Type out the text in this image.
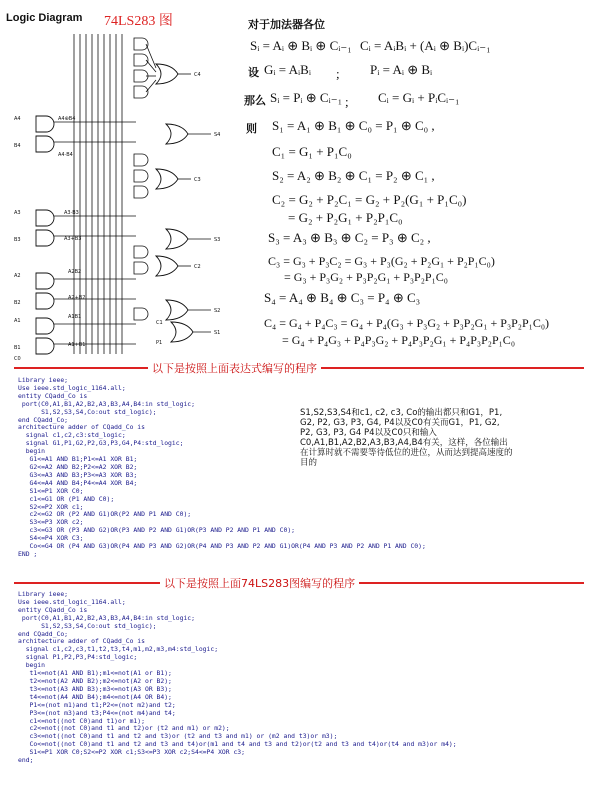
Logic Diagram 74LS283 图
A4
B4
A3
B3
A2
B2
A1
B1
A4⊕B4
A4·B4
A3·B3
A3+B3
A2B2
A2+B2
A1B1
A1+B1
C4
S4
C3
S3
C2
S2
C1
P1
S1
C0
对于加法器各位
Sᵢ = Aᵢ ⊕ Bᵢ ⊕ Cᵢ₋₁ Cᵢ = AᵢBᵢ + (Aᵢ ⊕ Bᵢ)Cᵢ₋₁
设 Gᵢ = AᵢBᵢ ; Pᵢ = Aᵢ ⊕ Bᵢ
那么 Sᵢ = Pᵢ ⊕ Cᵢ₋₁ ; Cᵢ = Gᵢ + PᵢCᵢ₋₁
则 S₁ = A₁ ⊕ B₁ ⊕ C₀ = P₁ ⊕ C₀ ,
C₁ = G₁ + P₁C₀
S₂ = A₂ ⊕ B₂ ⊕ C₁ = P₂ ⊕ C₁ ,
C₂ = G₂ + P₂C₁ = G₂ + P₂(G₁ + P₁C₀)
= G₂ + P₂G₁ + P₂P₁C₀
S₃ = A₃ ⊕ B₃ ⊕ C₂ = P₃ ⊕ C₂ ,
C₃ = G₃ + P₃C₂ = G₃ + P₃(G₂ + P₂G₁ + P₂P₁C₀)
= G₃ + P₃G₂ + P₃P₂G₁ + P₃P₂P₁C₀
S₄ = A₄ ⊕ B₄ ⊕ C₃ = P₄ ⊕ C₃
C₄ = G₄ + P₄C₃ = G₄ + P₄(G₃ + P₃G₂ + P₃P₂G₁ + P₃P₂P₁C₀)
= G₄ + P₄G₃ + P₄P₃G₂ + P₄P₃P₂G₁ + P₄P₃P₂P₁C₀
以下是按照上面表达式编写的程序
Library ieee;
Use ieee.std_logic_1164.all;
entity CQadd_Co is
port(C0,A1,B1,A2,B2,A3,B3,A4,B4:in std_logic;
S1,S2,S3,S4,Co:out std_logic);
end CQadd_Co;
architecture adder of CQadd_Co is
signal c1,c2,c3:std_logic;
signal G1,P1,G2,P2,G3,P3,G4,P4:std_logic;
begin
G1<=A1 AND B1;P1<=A1 XOR B1;
G2<=A2 AND B2;P2<=A2 XOR B2;
G3<=A3 AND B3;P3<=A3 XOR B3;
G4<=A4 AND B4;P4<=A4 XOR B4;
S1<=P1 XOR C0;
c1<=G1 OR (P1 AND C0);
S2<=P2 XOR c1;
c2<=G2 OR (P2 AND G1)OR(P2 AND P1 AND C0);
S3<=P3 XOR c2;
c3<=G3 OR (P3 AND G2)OR(P3 AND P2 AND G1)OR(P3 AND P2 AND P1 AND C0);
S4<=P4 XOR C3;
Co<=G4 OR (P4 AND G3)OR(P4 AND P3 AND G2)OR(P4 AND P3 AND P2 AND G1)OR(P4 AND P3 AND P2 AND P1 AND C0);
END ;
S1,S2,S3,S4和c1, c2, c3, Co的输出都只和G1，P1, G2, P2, G3, P3, G4, P4以及C0有关而G1，P1, G2, P2, G3, P3, G4 P4以及C0只和输入C0,A1,B1,A2,B2,A3,B3,A4,B4有关，这样，各位输出在计算时就不需要等待低位的进位，从而达到提高速度的目的
以下是按照上面74LS283图编写的程序
Library ieee;
Use ieee.std_logic_1164.all;
entity CQadd_Co is
port(C0,A1,B1,A2,B2,A3,B3,A4,B4:in std_logic;
S1,S2,S3,S4,Co:out std_logic);
end CQadd_Co;
architecture adder of CQadd_Co is
signal c1,c2,c3,t1,t2,t3,t4,m1,m2,m3,m4:std_logic;
signal P1,P2,P3,P4:std_logic;
begin
t1<=not(A1 AND B1);m1<=not(A1 or B1);
t2<=not(A2 AND B2);m2<=not(A2 or B2);
t3<=not(A3 AND B3);m3<=not(A3 OR B3);
t4<=not(A4 AND B4);m4<=not(A4 OR B4);
P1<=(not m1)and t1;P2<=(not m2)and t2;
P3<=(not m3)and t3;P4<=(not m4)and t4;
c1<=not((not C0)and t1)or m1);
c2<=not((not C0)and t1 and t2)or (t2 and m1) or m2);
c3<=not((not C0)and t1 and t2 and t3)or (t2 and t3 and m1) or (m2 and t3)or m3);
Co<=not((not C0)and t1 and t2 and t3 and t4)or(m1 and t4 and t3 and t2)or(t2 and t3 and t4)or(t4 and m3)or m4);
S1<=P1 XOR C0;S2<=P2 XOR c1;S3<=P3 XOR c2;S4<=P4 XOR c3;
end;
